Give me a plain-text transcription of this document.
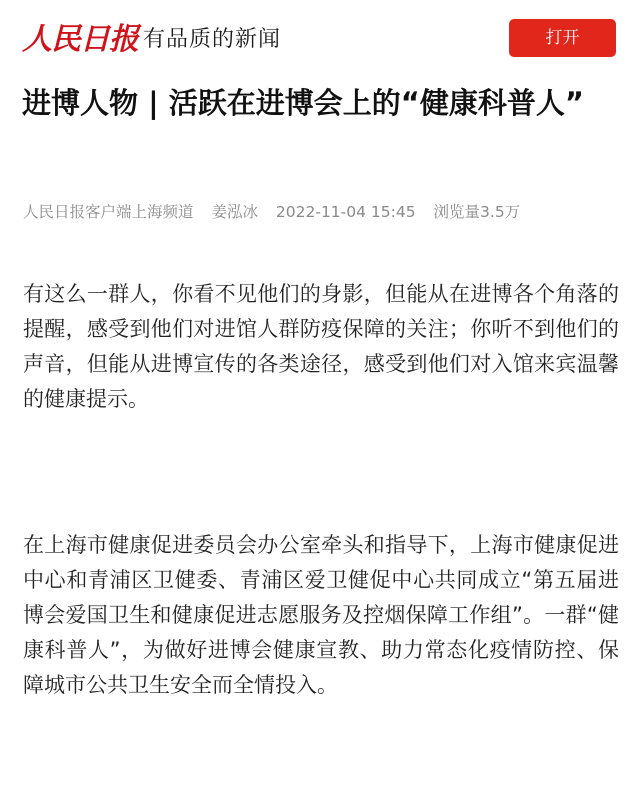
人民日报 有品质的新闻	打开
进博人物 | 活跃在进博会上的“健康科普人”
人民日报客户端上海频道 姜泓冰 2022-11-04 15:45 浏览量3.5万

有这么一群人，你看不见他们的身影，但能从在进博各个角落的提醒，感受到他们对进馆人群防疫保障的关注；你听不到他们的声音，但能从进博宣传的各类途径，感受到他们对入馆来宾温馨的健康提示。

在上海市健康促进委员会办公室牵头和指导下，上海市健康促进中心和青浦区卫健委、青浦区爱卫健促中心共同成立“第五届进博会爱国卫生和健康促进志愿服务及控烟保障工作组”。一群“健康科普人”，为做好进博会健康宣教、助力常态化疫情防控、保障城市公共卫生安全而全情投入。
